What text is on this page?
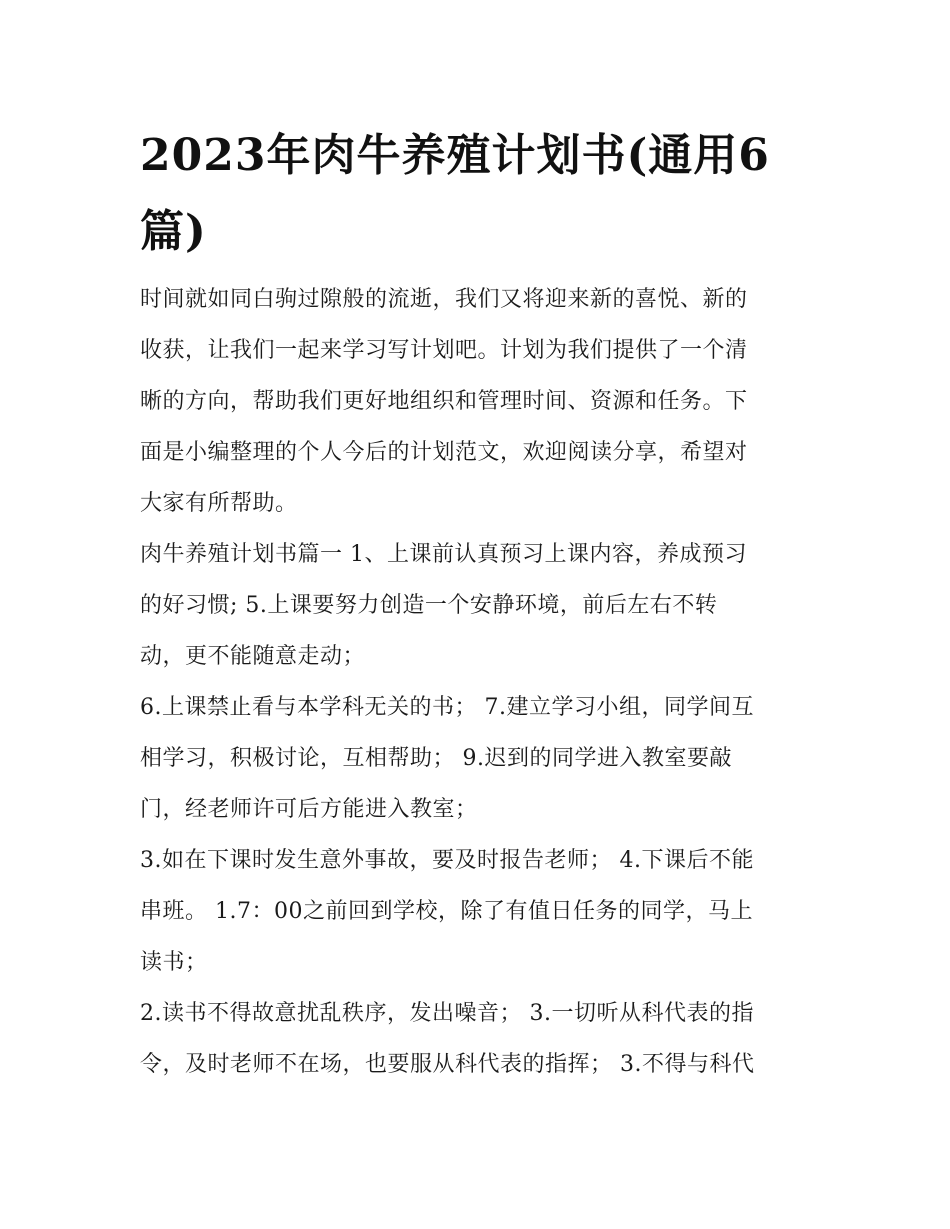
2023年肉牛养殖计划书(通用6篇)

时间就如同白驹过隙般的流逝，我们又将迎来新的喜悦、新的
收获，让我们一起来学习写计划吧。计划为我们提供了一个清
晰的方向，帮助我们更好地组织和管理时间、资源和任务。下
面是小编整理的个人今后的计划范文，欢迎阅读分享，希望对
大家有所帮助。

肉牛养殖计划书篇一 1、上课前认真预习上课内容，养成预习
的好习惯; 5.上课要努力创造一个安静环境，前后左右不转
动，更不能随意走动；

6.上课禁止看与本学科无关的书； 7.建立学习小组，同学间互
相学习，积极讨论，互相帮助； 9.迟到的同学进入教室要敲
门，经老师许可后方能进入教室；

3.如在下课时发生意外事故，要及时报告老师； 4.下课后不能
串班。 1.7：00之前回到学校，除了有值日任务的同学，马上
读书；

2.读书不得故意扰乱秩序，发出噪音； 3.一切听从科代表的指
令，及时老师不在场，也要服从科代表的指挥； 3.不得与科代
